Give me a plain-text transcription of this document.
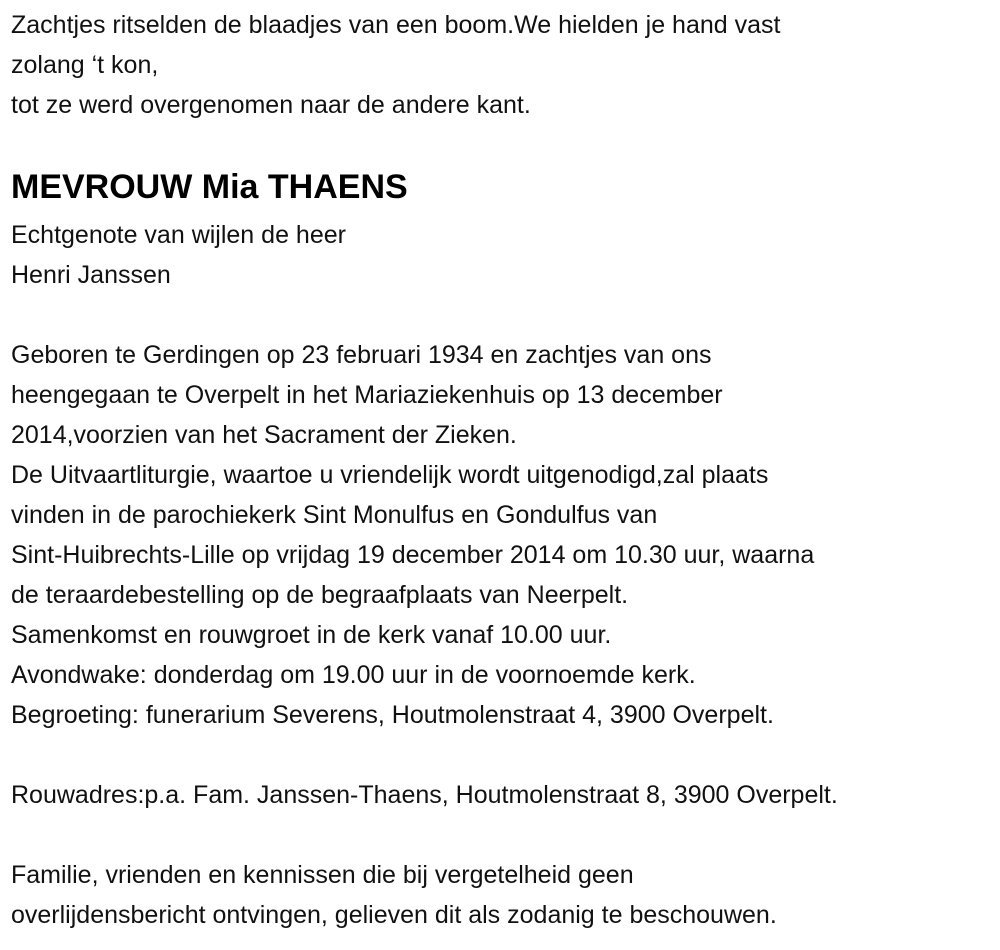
Zachtjes ritselden de blaadjes van een boom.We hielden je hand vast
zolang ‘t kon,
tot ze werd overgenomen naar de andere kant.
MEVROUW Mia THAENS
Echtgenote van wijlen de heer
Henri Janssen
Geboren te Gerdingen op 23 februari 1934 en zachtjes van ons
heengegaan te Overpelt in het Mariaziekenhuis op 13 december
2014,voorzien van het Sacrament der Zieken.
De Uitvaartliturgie, waartoe u vriendelijk wordt uitgenodigd,zal plaats
vinden in de parochiekerk Sint Monulfus en Gondulfus van
Sint-Huibrechts-Lille op vrijdag 19 december 2014 om 10.30 uur, waarna
de teraardebestelling op de begraafplaats van Neerpelt.
Samenkomst en rouwgroet in de kerk vanaf 10.00 uur.
Avondwake: donderdag om 19.00 uur in de voornoemde kerk.
Begroeting: funerarium Severens, Houtmolenstraat 4, 3900 Overpelt.
Rouwadres:p.a. Fam. Janssen-Thaens, Houtmolenstraat 8, 3900 Overpelt.
Familie, vrienden en kennissen die bij vergetelheid geen
overlijdensbericht ontvingen, gelieven dit als zodanig te beschouwen.
